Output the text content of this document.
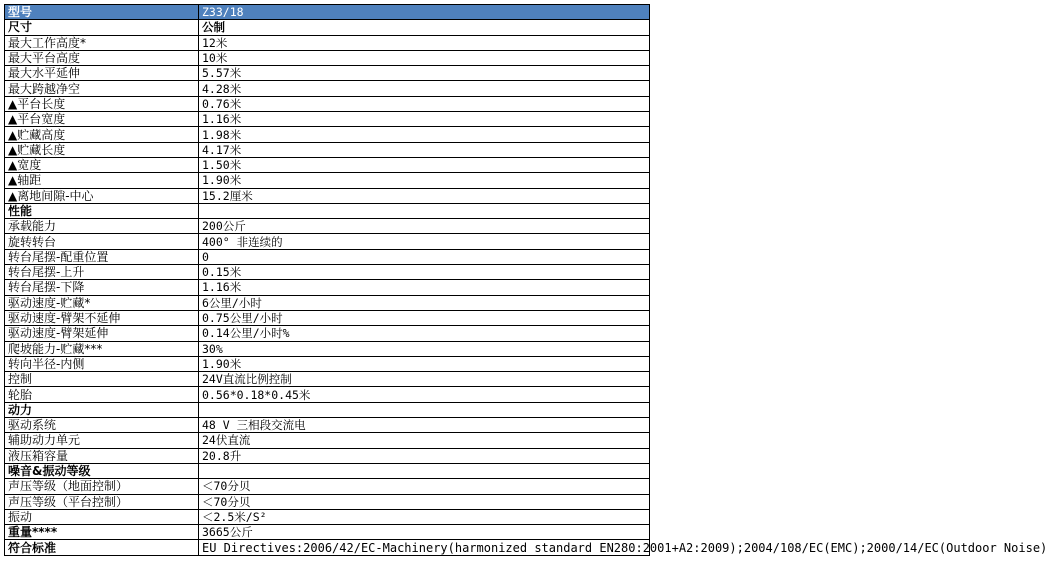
型号	Z33/18
尺寸	公制
最大工作高度*	12米
最大平台高度	10米
最大水平延伸	5.57米
最大跨越净空	4.28米
▲平台长度	0.76米
▲平台宽度	1.16米
▲贮藏高度	1.98米
▲贮藏长度	4.17米
▲宽度	1.50米
▲轴距	1.90米
▲离地间隙-中心	15.2厘米
性能	
承载能力	200公斤
旋转转台	400° 非连续的
转台尾摆-配重位置	0
转台尾摆-上升	0.15米
转台尾摆-下降	1.16米
驱动速度-贮藏*	6公里/小时
驱动速度-臂架不延伸	0.75公里/小时
驱动速度-臂架延伸	0.14公里/小时%
爬坡能力-贮藏***	30%
转向半径-内侧	1.90米
控制	24V直流比例控制
轮胎	0.56*0.18*0.45米
动力	
驱动系统	48 V 三相段交流电
辅助动力单元	24伏直流
液压箱容量	20.8升
噪音&振动等级	
声压等级（地面控制）	＜70分贝
声压等级（平台控制）	＜70分贝
振动	＜2.5米/S²
重量****	3665公斤
符合标准	EU Directives:2006/42/EC-Machinery(harmonized standard EN280:2001+A2:2009);2004/108/EC(EMC);2000/14/EC(Outdoor Noise)
